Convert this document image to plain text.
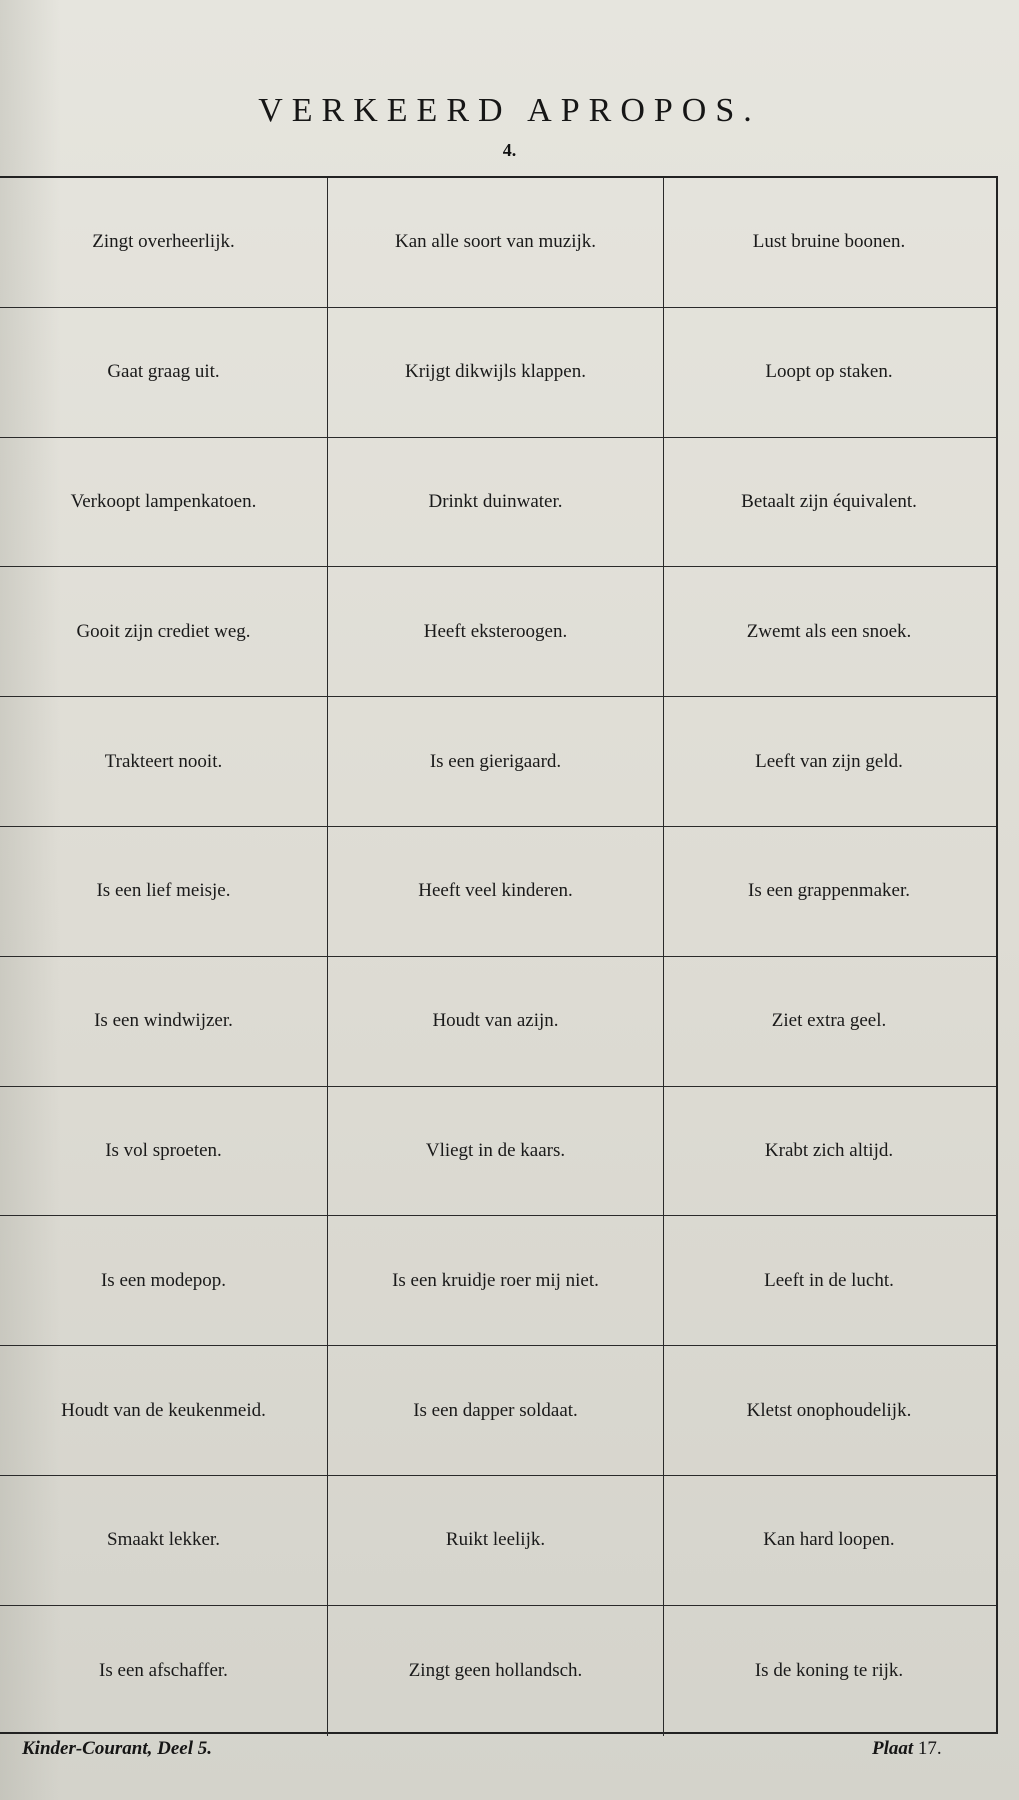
VERKEERD APROPOS.
4.
Zingt overheerlijk.	Kan alle soort van muzijk.	Lust bruine boonen.
Gaat graag uit.	Krijgt dikwijls klappen.	Loopt op staken.
Verkoopt lampenkatoen.	Drinkt duinwater.	Betaalt zijn équivalent.
Gooit zijn crediet weg.	Heeft eksteroogen.	Zwemt als een snoek.
Trakteert nooit.	Is een gierigaard.	Leeft van zijn geld.
Is een lief meisje.	Heeft veel kinderen.	Is een grappenmaker.
Is een windwijzer.	Houdt van azijn.	Ziet extra geel.
Is vol sproeten.	Vliegt in de kaars.	Krabt zich altijd.
Is een modepop.	Is een kruidje roer mij niet.	Leeft in de lucht.
Houdt van de keukenmeid.	Is een dapper soldaat.	Kletst onophoudelijk.
Smaakt lekker.	Ruikt leelijk.	Kan hard loopen.
Is een afschaffer.	Zingt geen hollandsch.	Is de koning te rijk.
Kinder-Courant, Deel 5.	Plaat 17.
